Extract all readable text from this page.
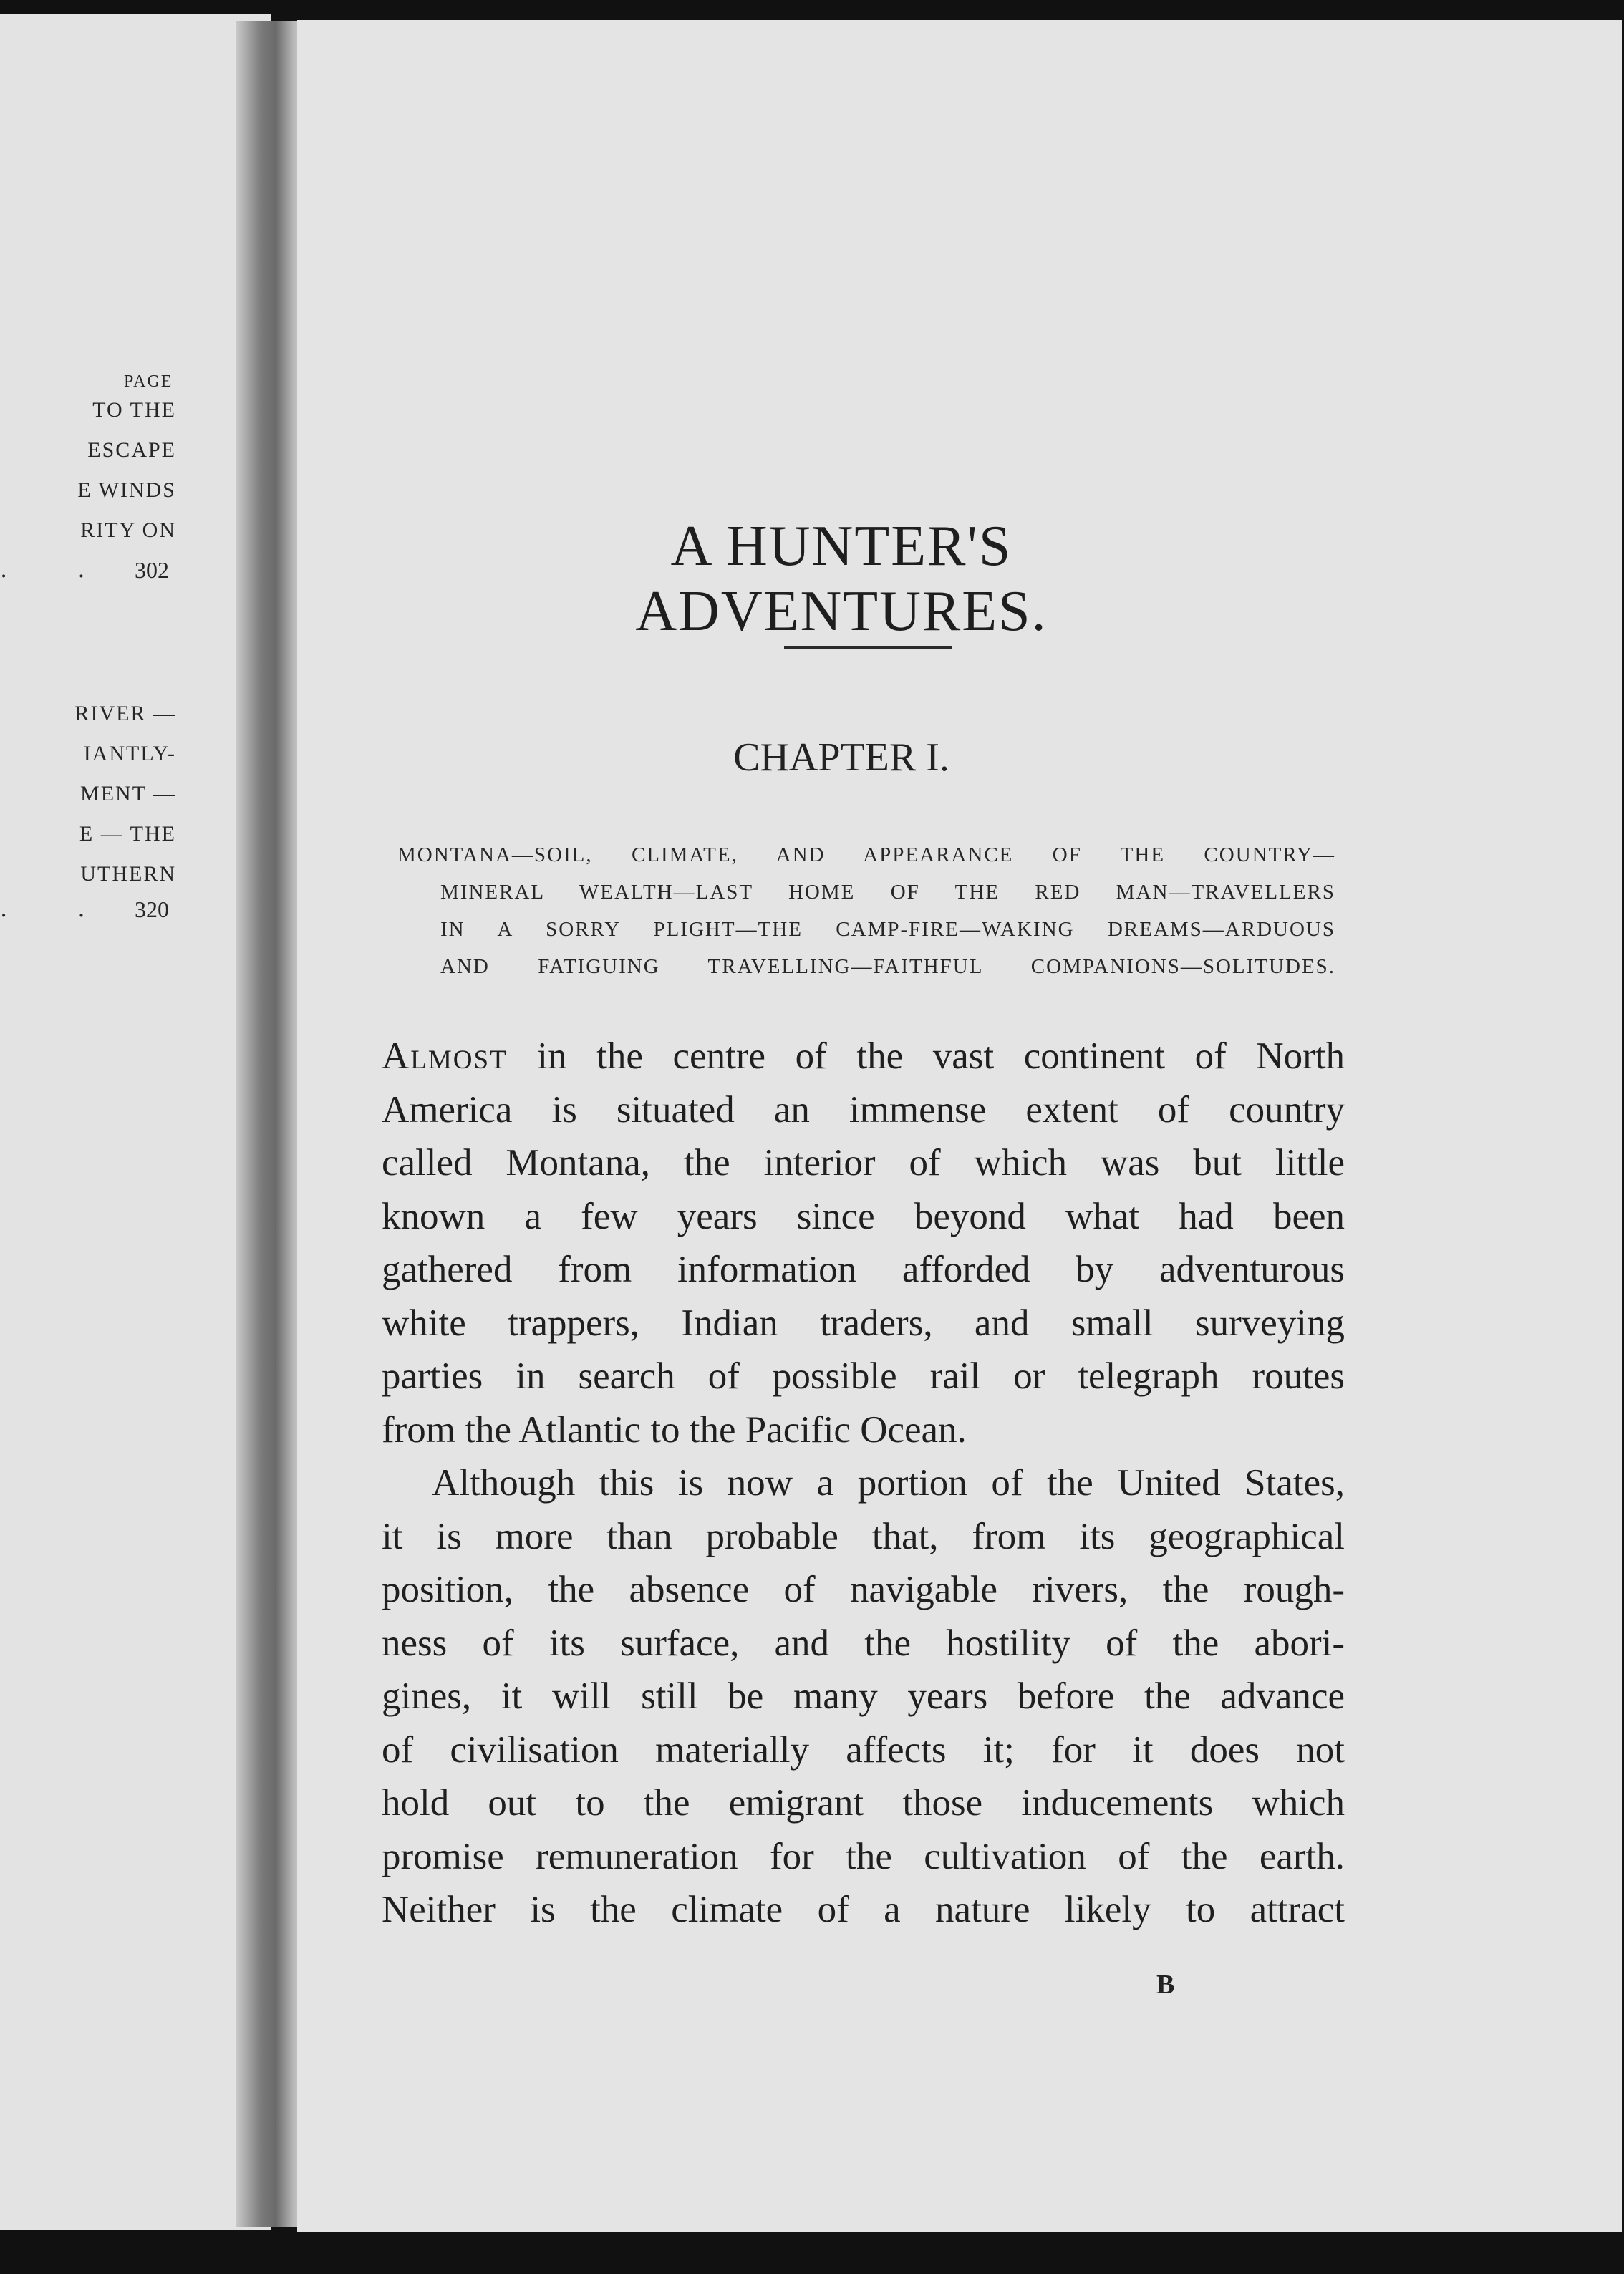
PAGE
TO THE
ESCAPE
E WINDS
RITY ON
. . 302
RIVER —
IANTLY-
MENT —
E — THE
UTHERN
. . 320
A HUNTER'S ADVENTURES.
CHAPTER I.
MONTANA—SOIL, CLIMATE, AND APPEARANCE OF THE COUNTRY—
MINERAL WEALTH—LAST HOME OF THE RED MAN—TRAVELLERS
IN A SORRY PLIGHT—THE CAMP-FIRE—WAKING DREAMS—ARDUOUS
AND FATIGUING TRAVELLING—FAITHFUL COMPANIONS—SOLITUDES.
Almost in the centre of the vast continent of North
America is situated an immense extent of country
called Montana, the interior of which was but little
known a few years since beyond what had been
gathered from information afforded by adventurous
white trappers, Indian traders, and small surveying
parties in search of possible rail or telegraph routes
from the Atlantic to the Pacific Ocean.
Although this is now a portion of the United States,
it is more than probable that, from its geographical
position, the absence of navigable rivers, the rough-
ness of its surface, and the hostility of the abori-
gines, it will still be many years before the advance
of civilisation materially affects it; for it does not
hold out to the emigrant those inducements which
promise remuneration for the cultivation of the earth.
Neither is the climate of a nature likely to attract
B
